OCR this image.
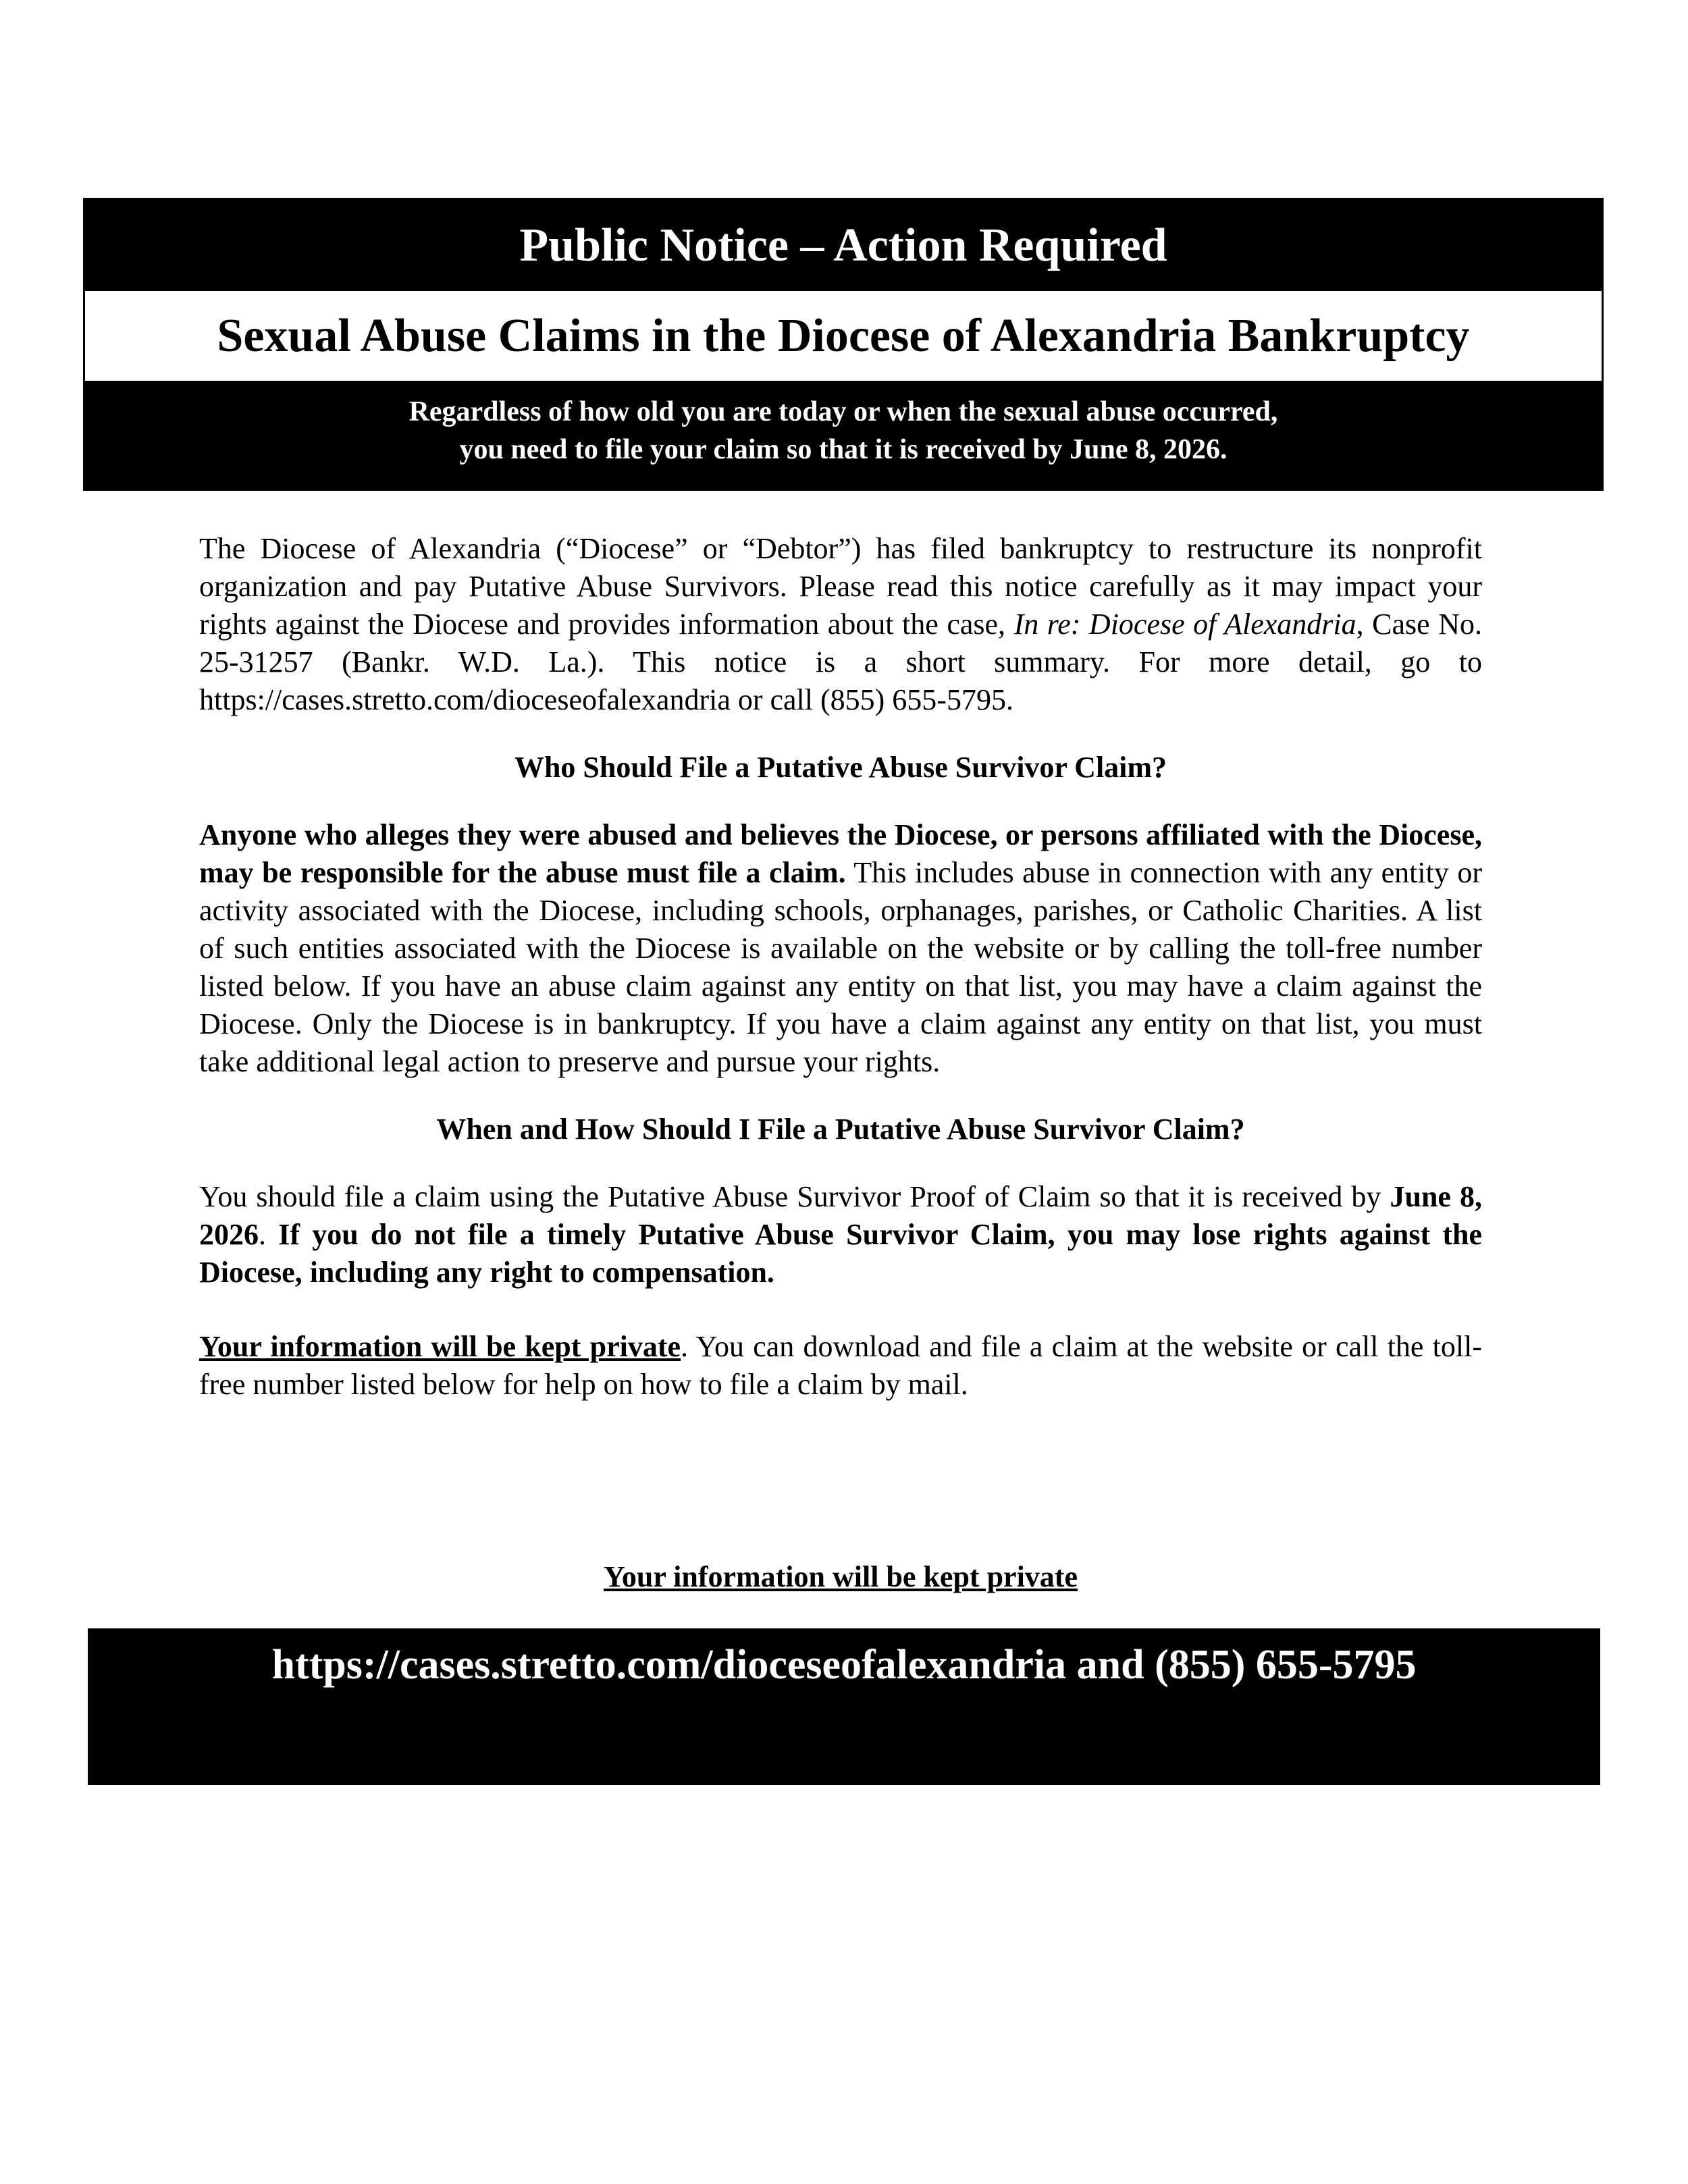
Public Notice – Action Required
Sexual Abuse Claims in the Diocese of Alexandria Bankruptcy
Regardless of how old you are today or when the sexual abuse occurred,
you need to file your claim so that it is received by June 8, 2026.

The Diocese of Alexandria (“Diocese” or “Debtor”) has filed bankruptcy to restructure its nonprofit organization and pay Putative Abuse Survivors. Please read this notice carefully as it may impact your rights against the Diocese and provides information about the case, In re: Diocese of Alexandria, Case No. 25-31257 (Bankr. W.D. La.). This notice is a short summary. For more detail, go to https://cases.stretto.com/dioceseofalexandria or call (855) 655-5795.

Who Should File a Putative Abuse Survivor Claim?

Anyone who alleges they were abused and believes the Diocese, or persons affiliated with the Diocese, may be responsible for the abuse must file a claim. This includes abuse in connection with any entity or activity associated with the Diocese, including schools, orphanages, parishes, or Catholic Charities. A list of such entities associated with the Diocese is available on the website or by calling the toll-free number listed below. If you have an abuse claim against any entity on that list, you may have a claim against the Diocese. Only the Diocese is in bankruptcy. If you have a claim against any entity on that list, you must take additional legal action to preserve and pursue your rights.

When and How Should I File a Putative Abuse Survivor Claim?

You should file a claim using the Putative Abuse Survivor Proof of Claim so that it is received by June 8, 2026. If you do not file a timely Putative Abuse Survivor Claim, you may lose rights against the Diocese, including any right to compensation.

Your information will be kept private. You can download and file a claim at the website or call the toll-free number listed below for help on how to file a claim by mail.

Your information will be kept private
https://cases.stretto.com/dioceseofalexandria and (855) 655-5795
